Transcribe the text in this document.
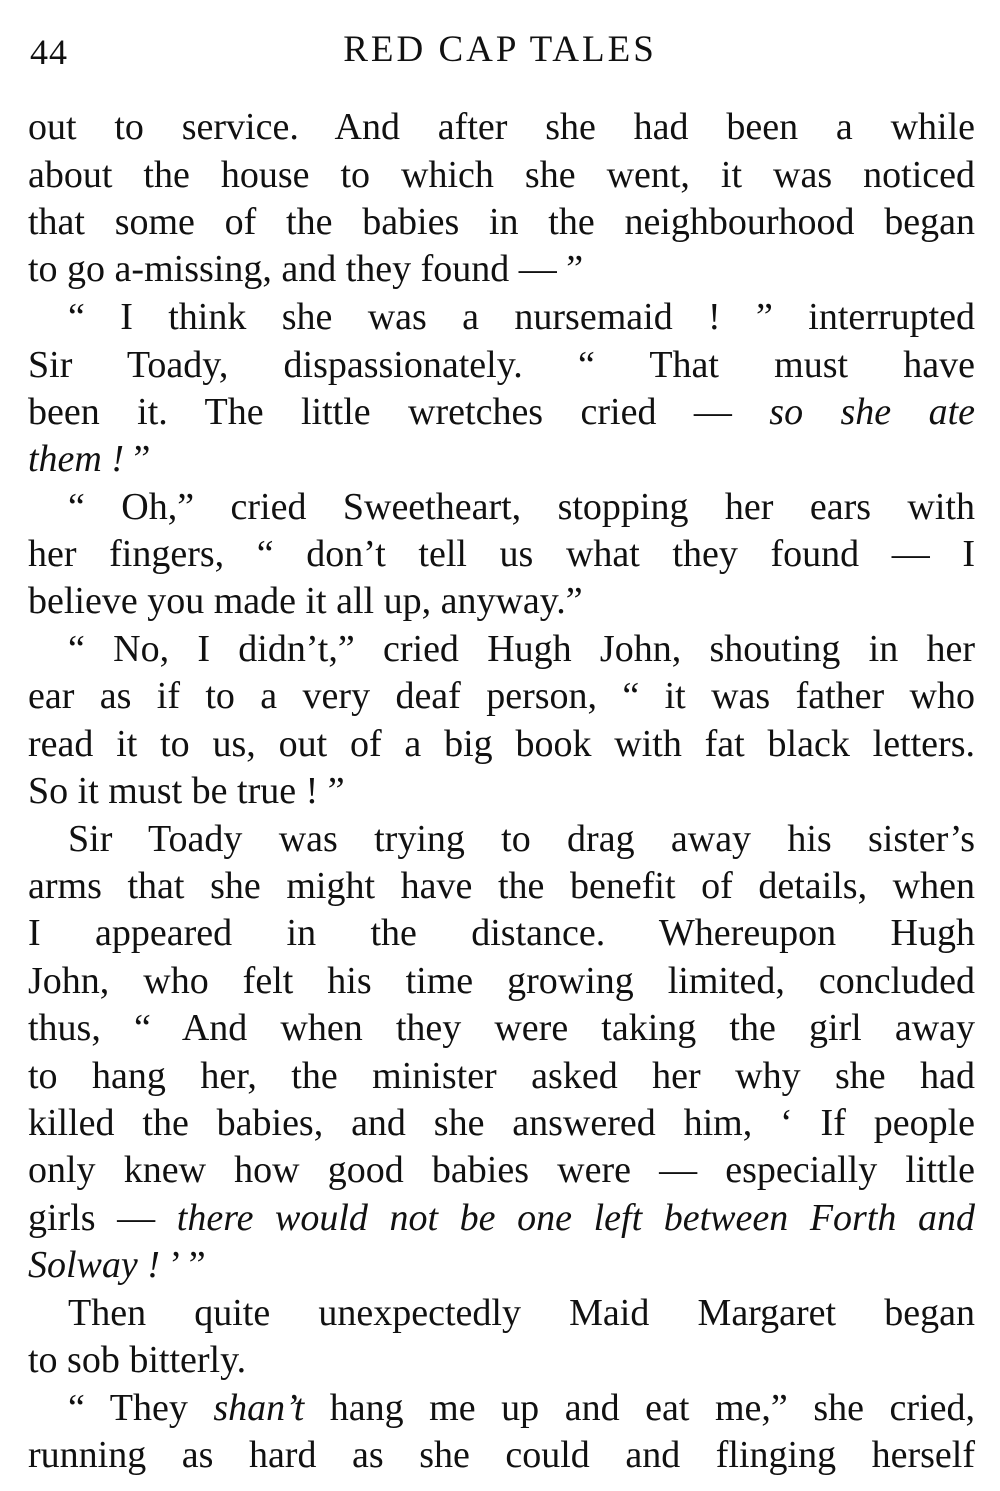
44	RED CAP TALES
out to service. And after she had been a while
about the house to which she went, it was noticed
that some of the babies in the neighbourhood began
to go a-missing, and they found — ”
“ I think she was a nursemaid ! ” interrupted
Sir Toady, dispassionately. “ That must have
been it. The little wretches cried — so she ate
them ! ”
“ Oh,” cried Sweetheart, stopping her ears with
her fingers, “ don’t tell us what they found — I
believe you made it all up, anyway.”
“ No, I didn’t,” cried Hugh John, shouting in her
ear as if to a very deaf person, “ it was father who
read it to us, out of a big book with fat black letters.
So it must be true ! ”
Sir Toady was trying to drag away his sister’s
arms that she might have the benefit of details, when
I appeared in the distance. Whereupon Hugh
John, who felt his time growing limited, concluded
thus, “ And when they were taking the girl away
to hang her, the minister asked her why she had
killed the babies, and she answered him, ‘ If people
only knew how good babies were — especially little
girls — there would not be one left between Forth and
Solway ! ’ ”
Then quite unexpectedly Maid Margaret began
to sob bitterly.
“ They shan’t hang me up and eat me,” she cried,
running as hard as she could and flinging herself
